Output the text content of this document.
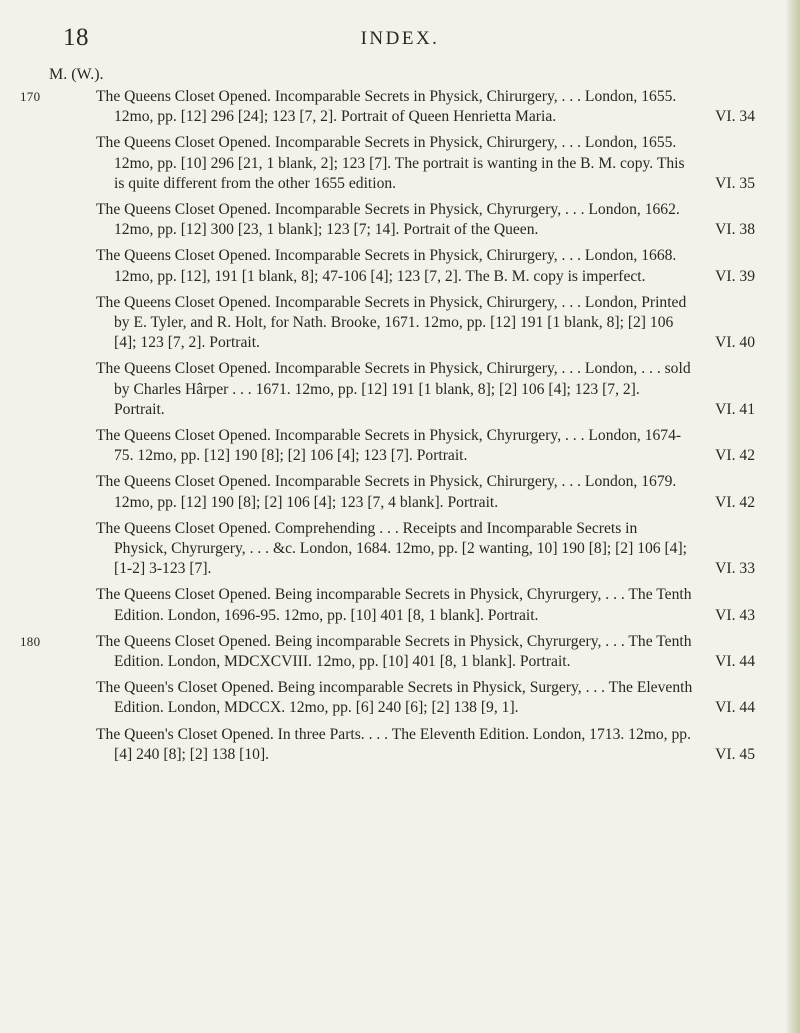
18	INDEX.
M. (W.).
170	The Queens Closet Opened. Incomparable Secrets in Physick, Chirurgery, . . . London, 1655. 12mo, pp. [12] 296 [24]; 123 [7, 2]. Portrait of Queen Henrietta Maria.	VI. 34
The Queens Closet Opened. Incomparable Secrets in Physick, Chirurgery, . . . London, 1655. 12mo, pp. [10] 296 [21, 1 blank, 2]; 123 [7]. The portrait is wanting in the B. M. copy. This is quite different from the other 1655 edition.	VI. 35
The Queens Closet Opened. Incomparable Secrets in Physick, Chyrurgery, . . . London, 1662. 12mo, pp. [12] 300 [23, 1 blank]; 123 [7; 14]. Portrait of the Queen.	VI. 38
The Queens Closet Opened. Incomparable Secrets in Physick, Chirurgery, . . . London, 1668. 12mo, pp. [12], 191 [1 blank, 8]; 47-106 [4]; 123 [7, 2]. The B. M. copy is imperfect.	VI. 39
The Queens Closet Opened. Incomparable Secrets in Physick, Chirurgery, . . . London, Printed by E. Tyler, and R. Holt, for Nath. Brooke, 1671. 12mo, pp. [12] 191 [1 blank, 8]; [2] 106 [4]; 123 [7, 2]. Portrait.	VI. 40
The Queens Closet Opened. Incomparable Secrets in Physick, Chirurgery, . . . London, . . . sold by Charles Hârper . . . 1671. 12mo, pp. [12] 191 [1 blank, 8]; [2] 106 [4]; 123 [7, 2]. Portrait.	VI. 41
The Queens Closet Opened. Incomparable Secrets in Physick, Chyrurgery, . . . London, 1674-75. 12mo, pp. [12] 190 [8]; [2] 106 [4]; 123 [7]. Portrait.	VI. 42
The Queens Closet Opened. Incomparable Secrets in Physick, Chirurgery, . . . London, 1679. 12mo, pp. [12] 190 [8]; [2] 106 [4]; 123 [7, 4 blank]. Portrait.	VI. 42
The Queens Closet Opened. Comprehending . . . Receipts and Incomparable Secrets in Physick, Chyrurgery, . . . &c. London, 1684. 12mo, pp. [2 wanting, 10] 190 [8]; [2] 106 [4]; [1-2] 3-123 [7].	VI. 33
The Queens Closet Opened. Being incomparable Secrets in Physick, Chyrurgery, . . . The Tenth Edition. London, 1696-95. 12mo, pp. [10] 401 [8, 1 blank]. Portrait.	VI. 43
180	The Queens Closet Opened. Being incomparable Secrets in Physick, Chyrurgery, . . . The Tenth Edition. London, MDCXCVIII. 12mo, pp. [10] 401 [8, 1 blank]. Portrait.	VI. 44
The Queen's Closet Opened. Being incomparable Secrets in Physick, Surgery, . . . The Eleventh Edition. London, MDCCX. 12mo, pp. [6] 240 [6]; [2] 138 [9, 1].	VI. 44
The Queen's Closet Opened. In three Parts. . . . The Eleventh Edition. London, 1713. 12mo, pp. [4] 240 [8]; [2] 138 [10].	VI. 45
